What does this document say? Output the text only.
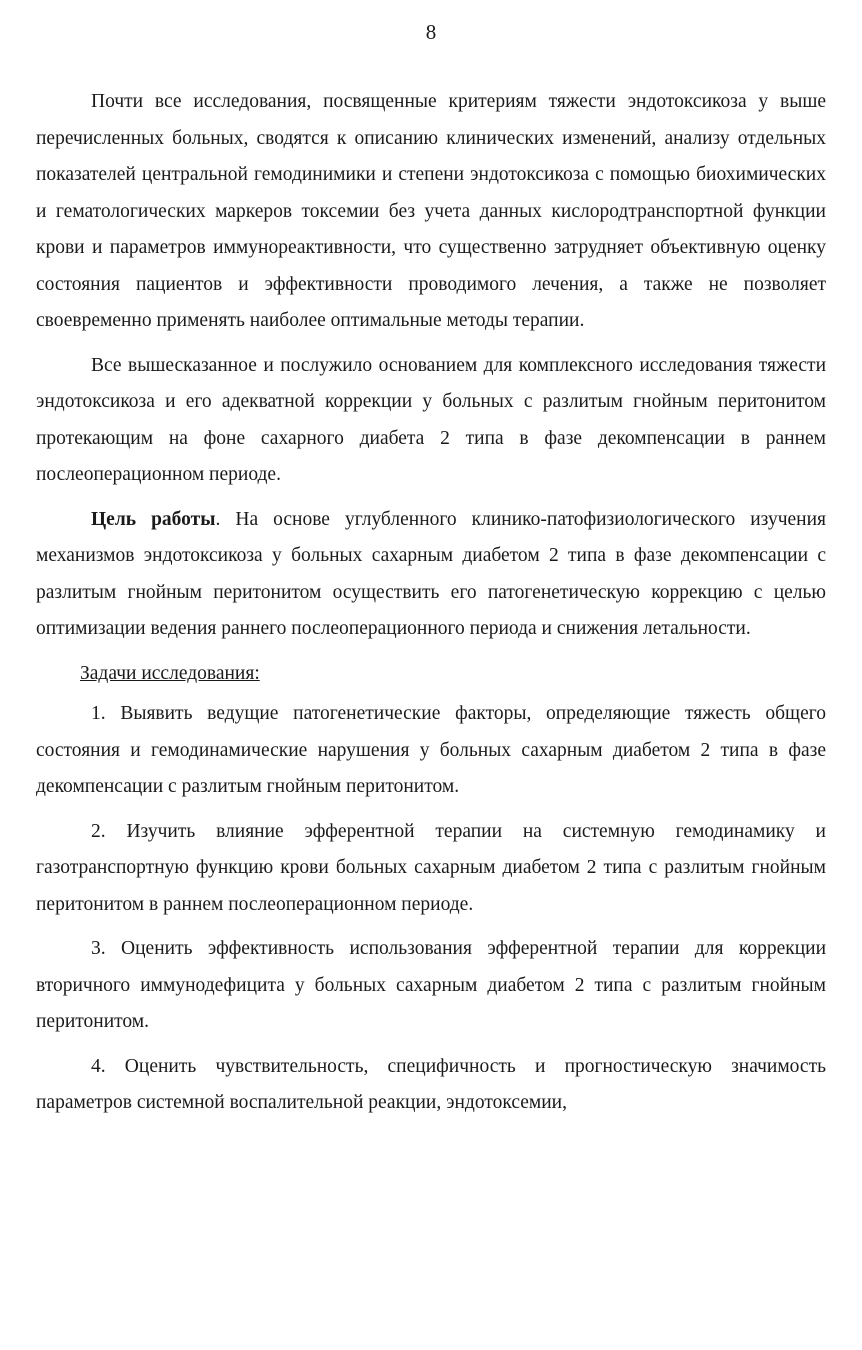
8

Почти все исследования, посвященные критериям тяжести эндотоксикоза у выше перечисленных больных, сводятся к описанию клинических изменений, анализу отдельных показателей центральной гемодинимики и степени эндотоксикоза с помощью биохимических и гематологических маркеров токсемии без учета данных кислородтранспортной функции крови и параметров иммунореактивности, что существенно затрудняет объективную оценку состояния пациентов и эффективности проводимого лечения, а также не позволяет своевременно применять наиболее оптимальные методы терапии.

Все вышесказанное и послужило основанием для комплексного исследования тяжести эндотоксикоза и его адекватной коррекции у больных с разлитым гнойным перитонитом протекающим на фоне сахарного диабета 2 типа в фазе декомпенсации в раннем послеоперационном периоде.

Цель работы. На основе углубленного клинико-патофизиологического изучения механизмов эндотоксикоза у больных сахарным диабетом 2 типа в фазе декомпенсации с разлитым гнойным перитонитом осуществить его патогенетическую коррекцию с целью оптимизации ведения раннего послеоперационного периода и снижения летальности.

Задачи исследования:

1. Выявить ведущие патогенетические факторы, определяющие тяжесть общего состояния и гемодинамические нарушения у больных сахарным диабетом 2 типа в фазе декомпенсации с разлитым гнойным перитонитом.

2. Изучить влияние эфферентной терапии на системную гемодинамику и газотранспортную функцию крови больных сахарным диабетом 2 типа с разлитым гнойным перитонитом в раннем послеоперационном периоде.

3. Оценить эффективность использования эфферентной терапии для коррекции вторичного иммунодефицита у больных сахарным диабетом 2 типа с разлитым гнойным перитонитом.

4. Оценить чувствительность, специфичность и прогностическую значимость параметров системной воспалительной реакции, эндотоксемии,
